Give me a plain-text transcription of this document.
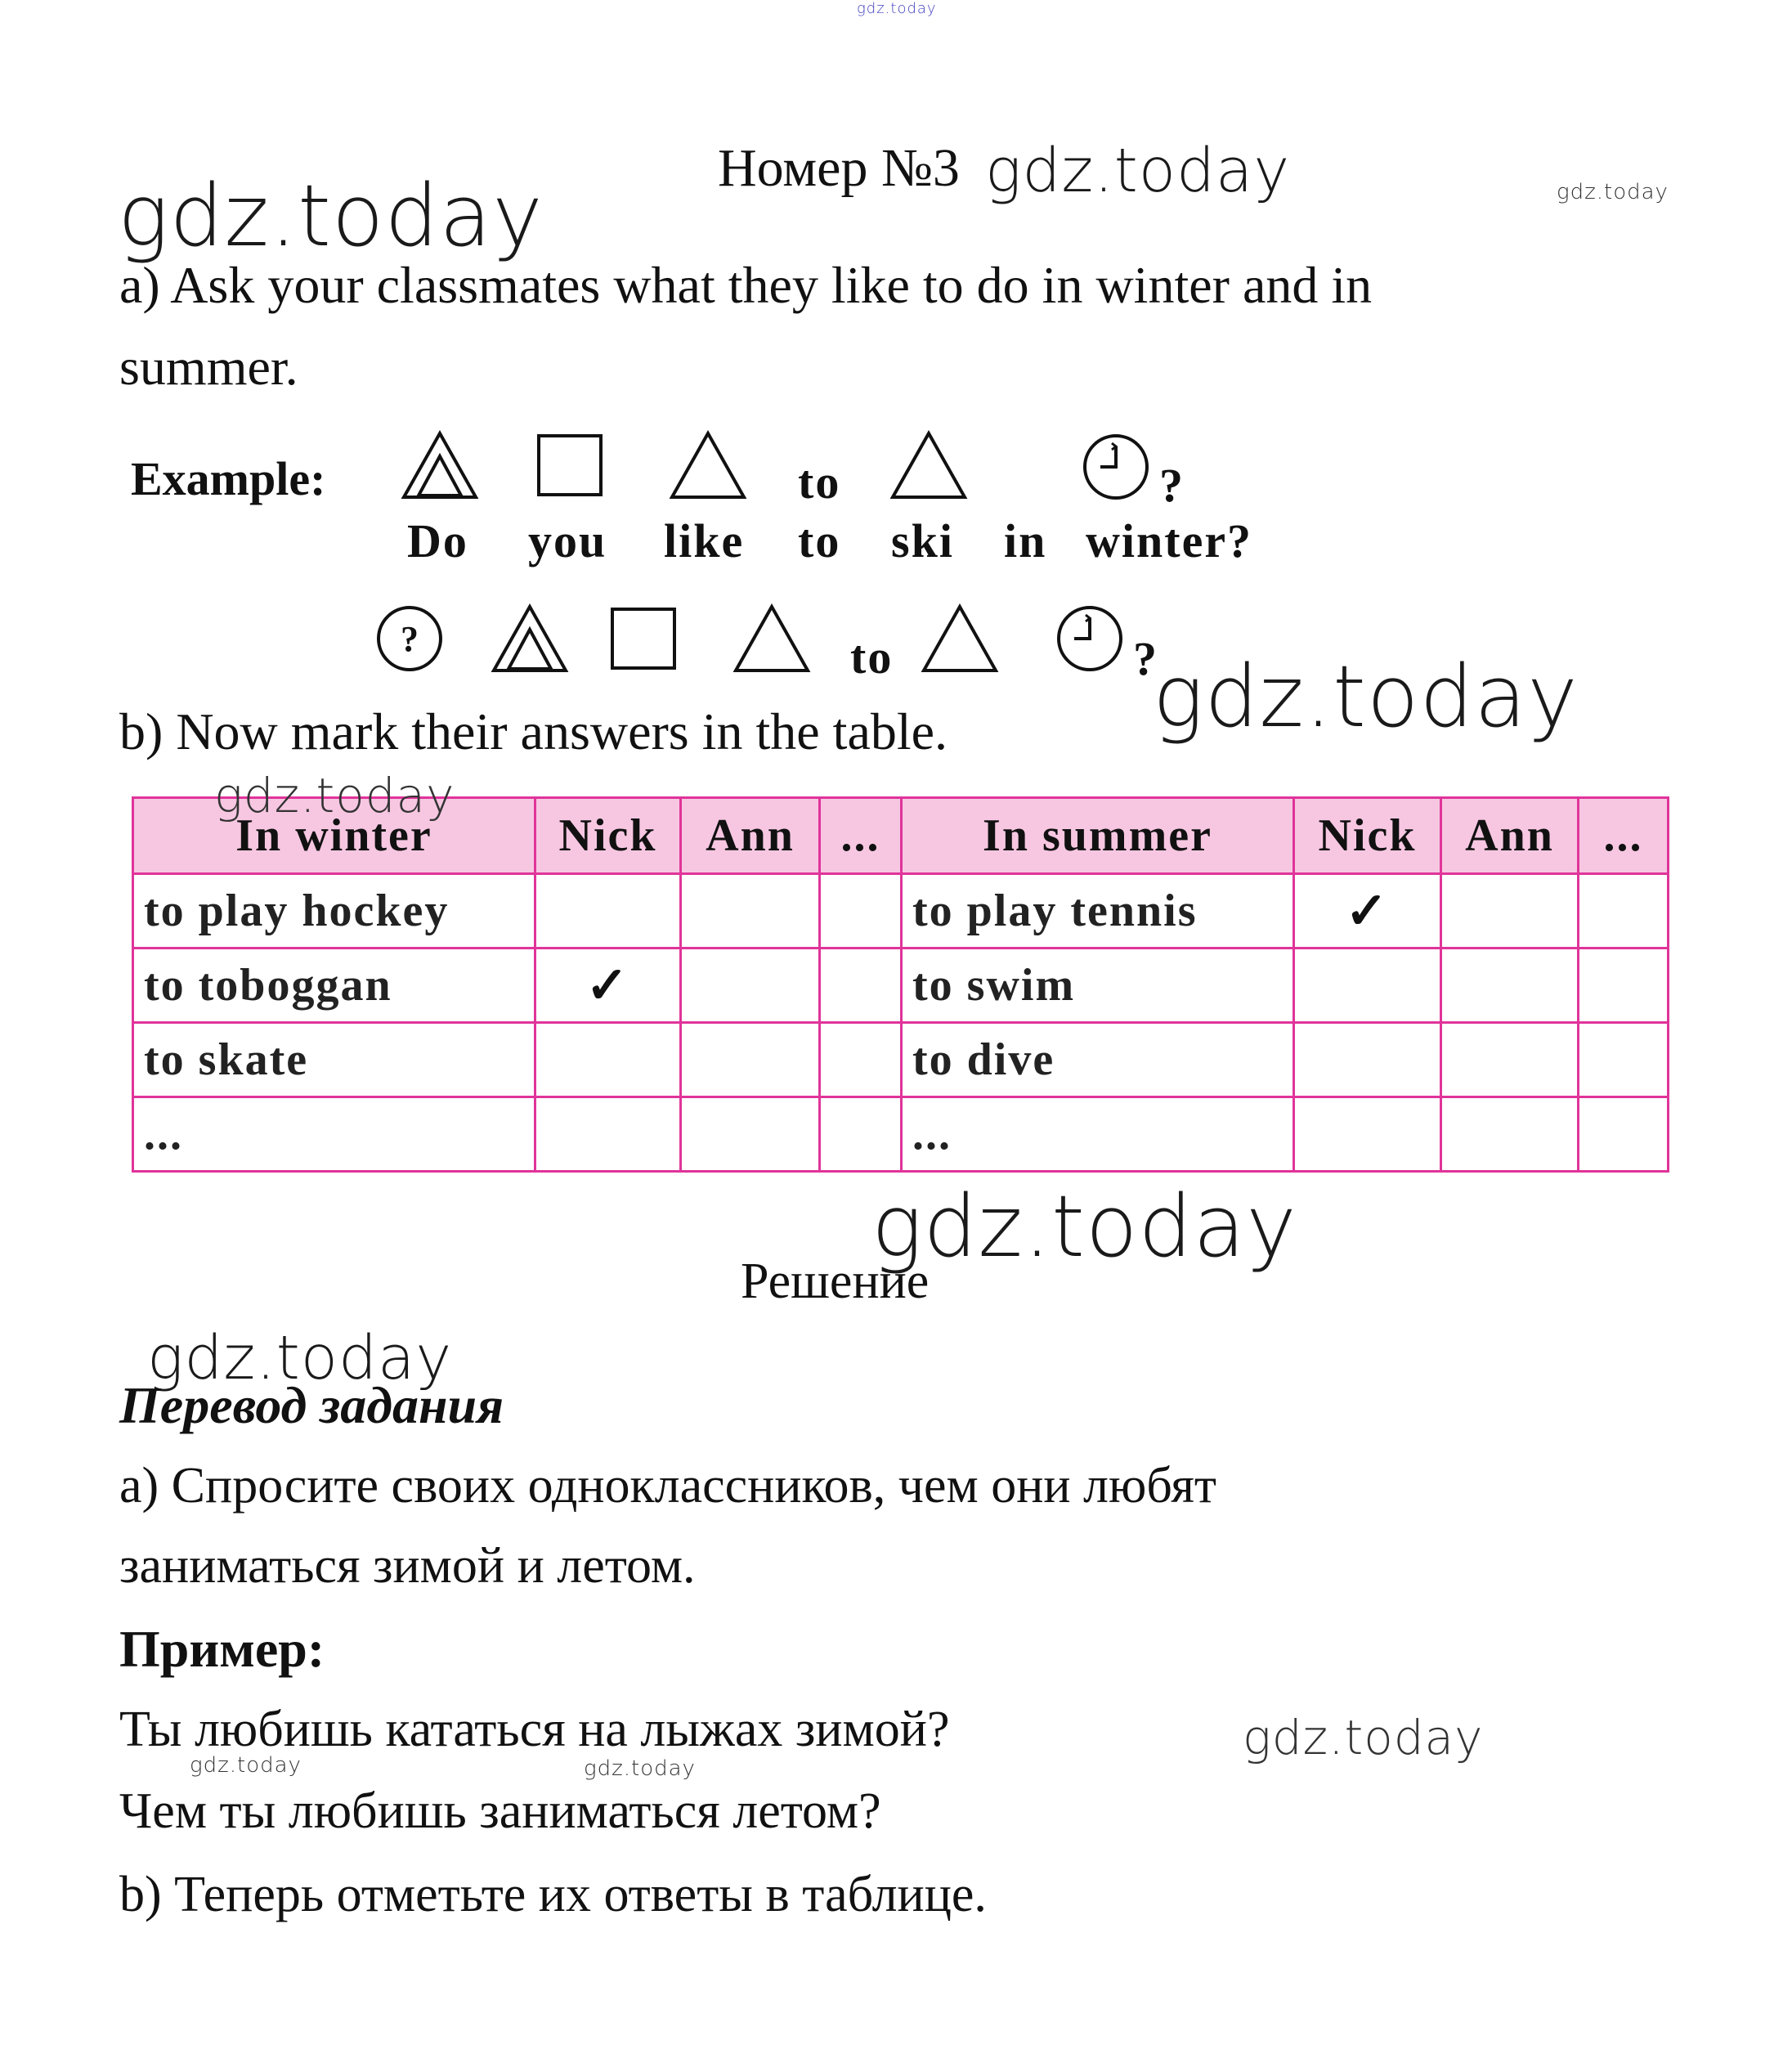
gdz.today
Номер №3 gdz.today	gdz.today
gdz.today
a) Ask your classmates what they like to do in winter and in
summer.
Example:	to	?
Do you like to ski in winter?
?	to	?
gdz.today
b) Now mark their answers in the table.
In winter	Nick	Ann	...	In summer	Nick	Ann	...
to play hockey				to play tennis	✓		
to toboggan	✓			to swim			
to skate				to dive			
...				...			
gdz.today
gdz.today
Решение
gdz.today
Перевод задания
а) Спросите своих одноклассников, чем они любят
заниматься зимой и летом.
Пример:
Ты любишь кататься на лыжах зимой?	gdz.today
gdz.today	gdz.today
Чем ты любишь заниматься летом?
b) Теперь отметьте их ответы в таблице.
